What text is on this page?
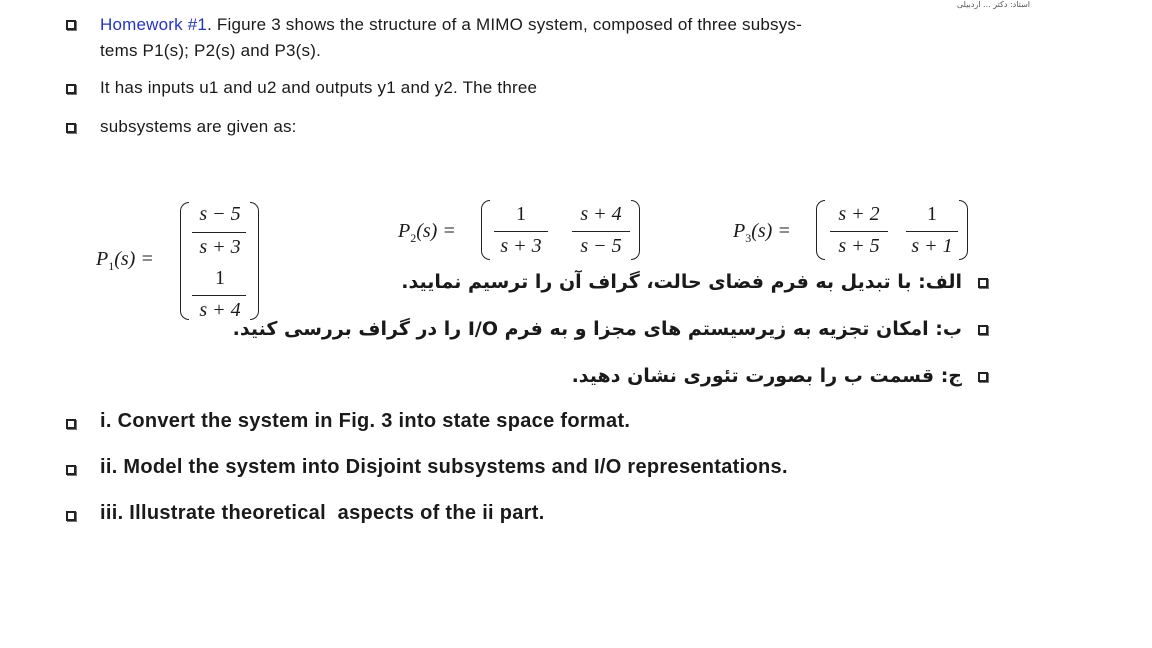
استاد: دکتر ... اردبیلی
Homework #1. Figure 3 shows the structure of a MIMO system, composed of three subsys-
tems P1(s); P2(s) and P3(s).
It has inputs u1 and u2 and outputs y1 and y2. The three
subsystems are given as:
$P_1(s)$ =
s − 5
s + 3
1
s + 4
$P_2(s)$ =
1
s + 3
s + 4
s − 5
$P_3(s)$ =
s + 2
s + 5
1
s + 1
الف: با تبدیل به فرم فضای حالت، گراف آن را ترسیم نمایید.
ب: امکان تجزیه به زیرسیستم های مجزا و به فرم I/O را در گراف بررسی کنید.
ج: قسمت ب را بصورت تئوری نشان دهید.
i. Convert the system in Fig. 3 into state space format.
ii. Model the system into Disjoint subsystems and I/O representations.
iii. Illustrate theoretical  aspects of the ii part.
